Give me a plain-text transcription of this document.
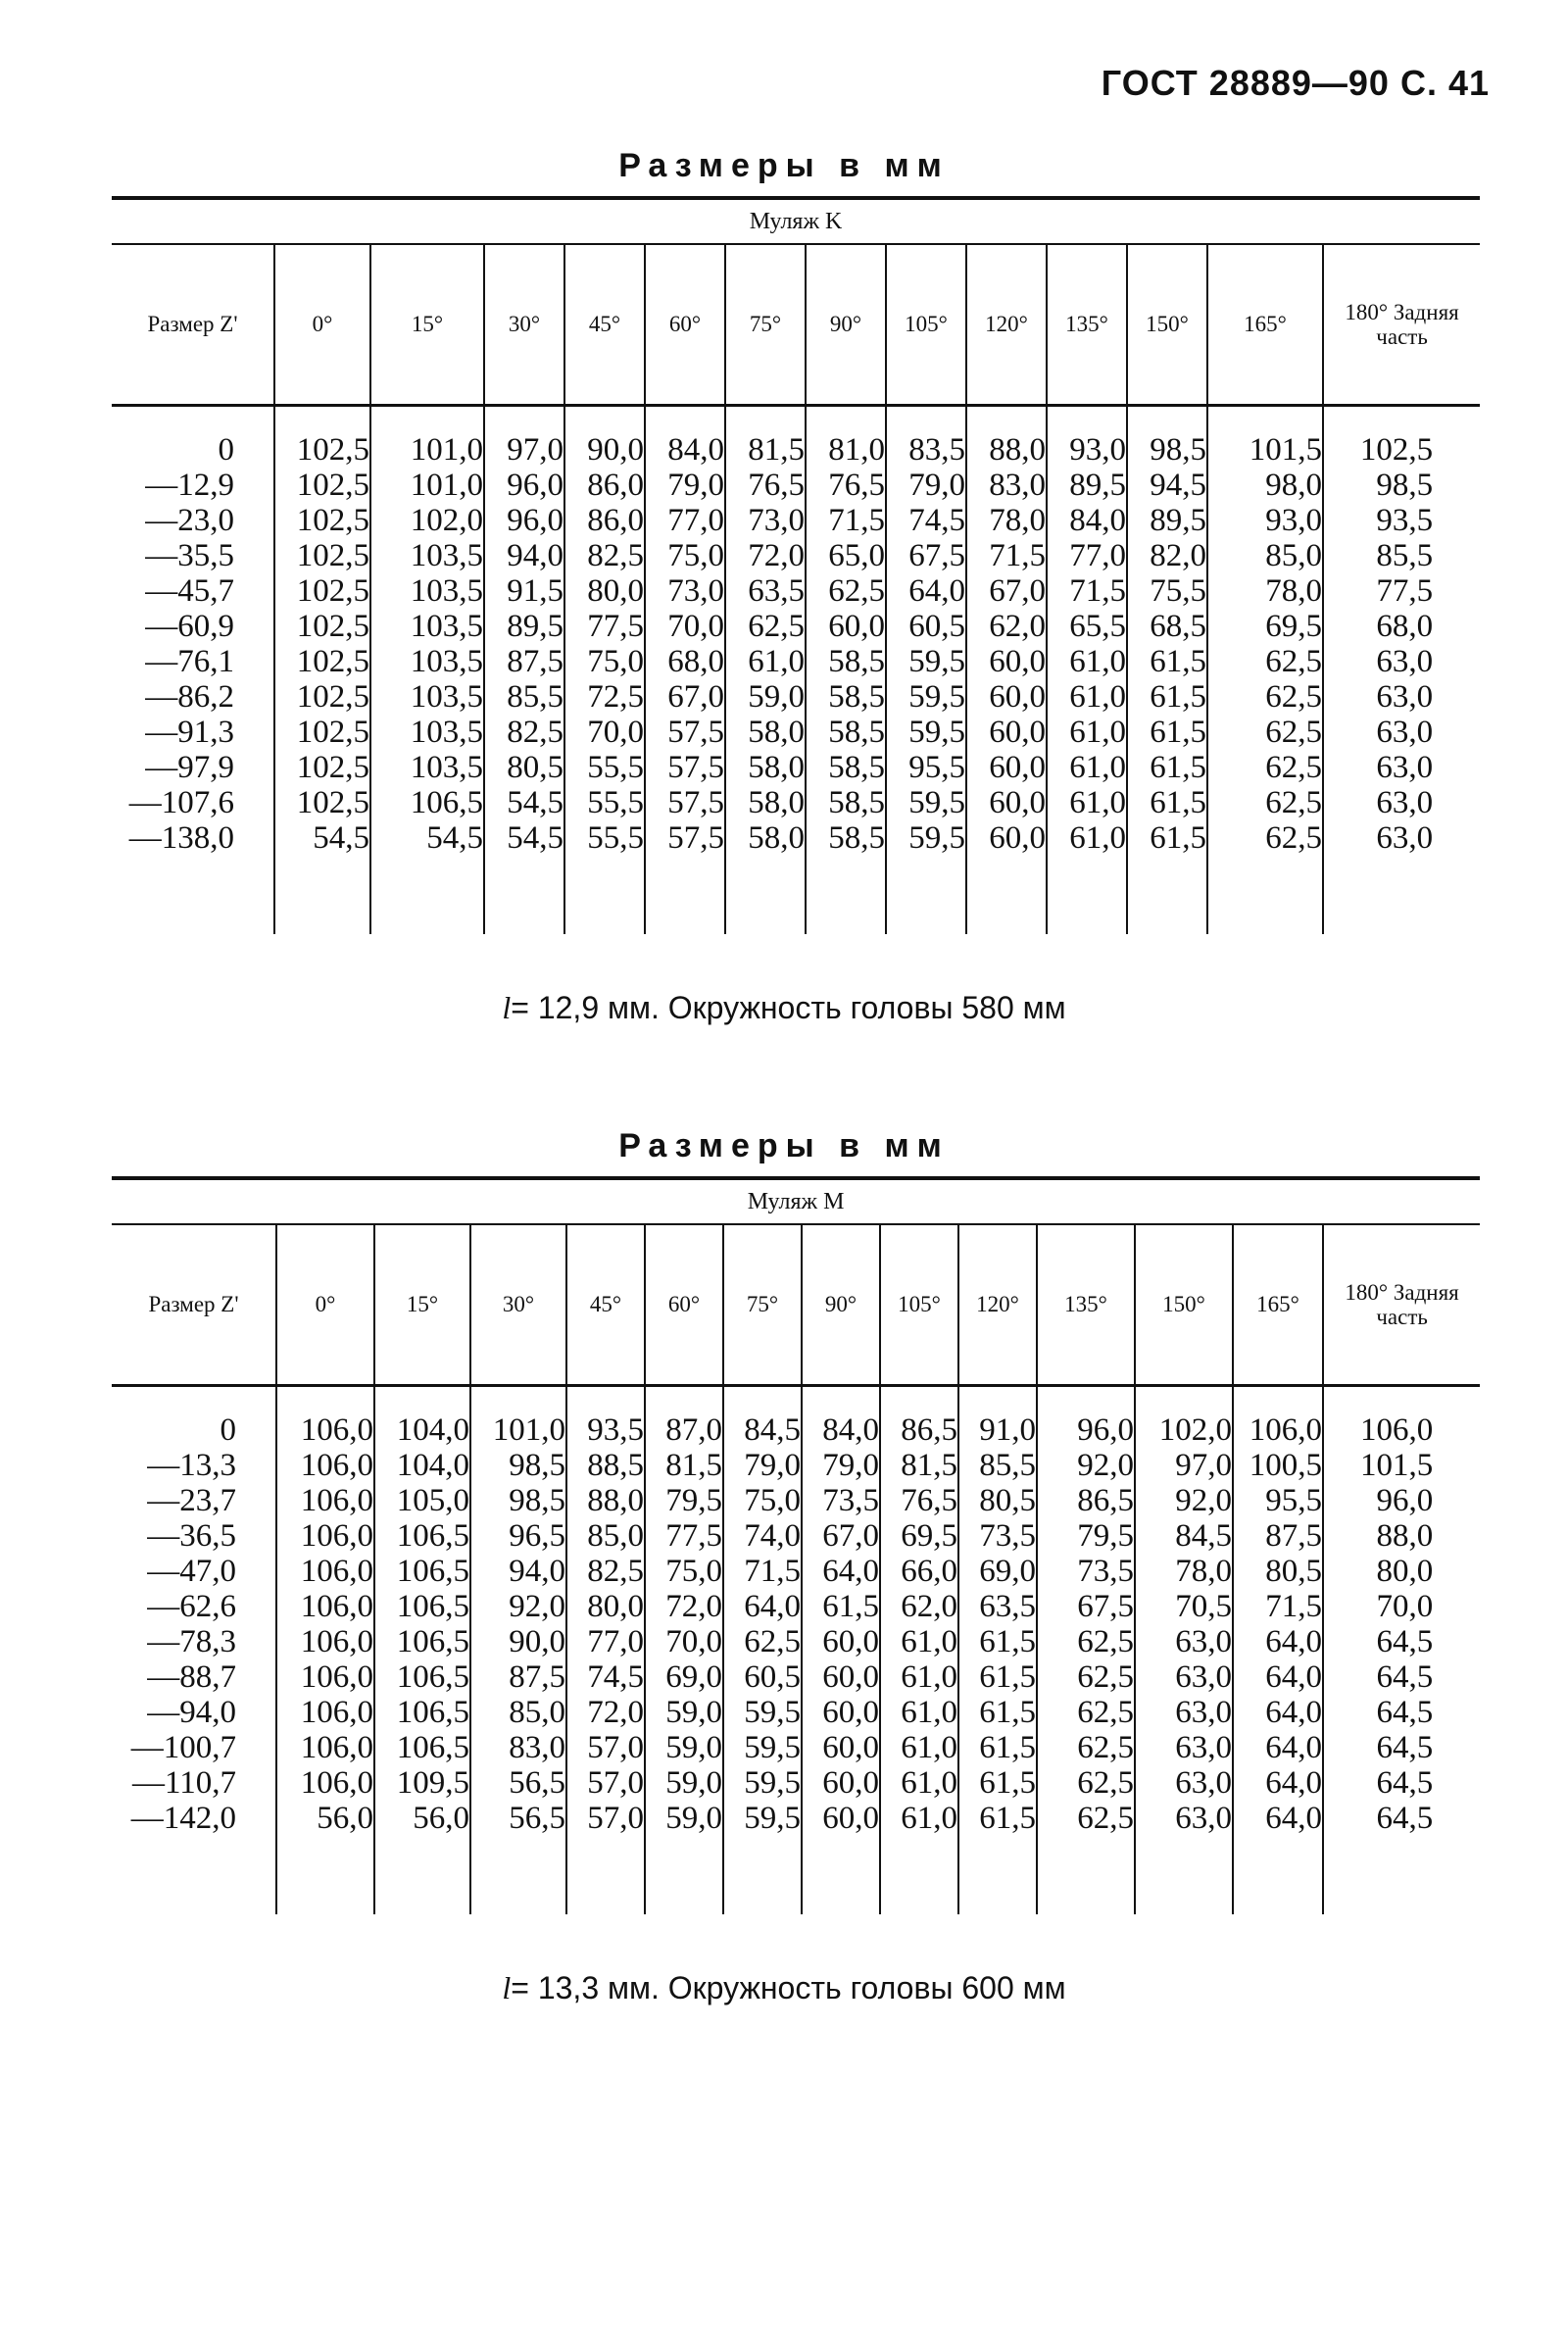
ГОСТ 28889—90 С. 41
Размеры в мм
Муляж K													
Размер Z'	0°	15°	30°	45°	60°	75°	90°	105°	120°	135°	150°	165°	180° Задняя часть

0	102,5	101,0	97,0	90,0	84,0	81,5	81,0	83,5	88,0	93,0	98,5	101,5	102,5
—12,9	102,5	101,0	96,0	86,0	79,0	76,5	76,5	79,0	83,0	89,5	94,5	98,0	98,5
—23,0	102,5	102,0	96,0	86,0	77,0	73,0	71,5	74,5	78,0	84,0	89,5	93,0	93,5
—35,5	102,5	103,5	94,0	82,5	75,0	72,0	65,0	67,5	71,5	77,0	82,0	85,0	85,5
—45,7	102,5	103,5	91,5	80,0	73,0	63,5	62,5	64,0	67,0	71,5	75,5	78,0	77,5
—60,9	102,5	103,5	89,5	77,5	70,0	62,5	60,0	60,5	62,0	65,5	68,5	69,5	68,0
—76,1	102,5	103,5	87,5	75,0	68,0	61,0	58,5	59,5	60,0	61,0	61,5	62,5	63,0
—86,2	102,5	103,5	85,5	72,5	67,0	59,0	58,5	59,5	60,0	61,0	61,5	62,5	63,0
—91,3	102,5	103,5	82,5	70,0	57,5	58,0	58,5	59,5	60,0	61,0	61,5	62,5	63,0
—97,9	102,5	103,5	80,5	55,5	57,5	58,0	58,5	95,5	60,0	61,0	61,5	62,5	63,0
—107,6	102,5	106,5	54,5	55,5	57,5	58,0	58,5	59,5	60,0	61,0	61,5	62,5	63,0
—138,0	54,5	54,5	54,5	55,5	57,5	58,0	58,5	59,5	60,0	61,0	61,5	62,5	63,0

l= 12,9 мм. Окружность головы 580 мм
Размеры в мм
Муляж M													
Размер Z'	0°	15°	30°	45°	60°	75°	90°	105°	120°	135°	150°	165°	180° Задняя часть

0	106,0	104,0	101,0	93,5	87,0	84,5	84,0	86,5	91,0	96,0	102,0	106,0	106,0
—13,3	106,0	104,0	98,5	88,5	81,5	79,0	79,0	81,5	85,5	92,0	97,0	100,5	101,5
—23,7	106,0	105,0	98,5	88,0	79,5	75,0	73,5	76,5	80,5	86,5	92,0	95,5	96,0
—36,5	106,0	106,5	96,5	85,0	77,5	74,0	67,0	69,5	73,5	79,5	84,5	87,5	88,0
—47,0	106,0	106,5	94,0	82,5	75,0	71,5	64,0	66,0	69,0	73,5	78,0	80,5	80,0
—62,6	106,0	106,5	92,0	80,0	72,0	64,0	61,5	62,0	63,5	67,5	70,5	71,5	70,0
—78,3	106,0	106,5	90,0	77,0	70,0	62,5	60,0	61,0	61,5	62,5	63,0	64,0	64,5
—88,7	106,0	106,5	87,5	74,5	69,0	60,5	60,0	61,0	61,5	62,5	63,0	64,0	64,5
—94,0	106,0	106,5	85,0	72,0	59,0	59,5	60,0	61,0	61,5	62,5	63,0	64,0	64,5
—100,7	106,0	106,5	83,0	57,0	59,0	59,5	60,0	61,0	61,5	62,5	63,0	64,0	64,5
—110,7	106,0	109,5	56,5	57,0	59,0	59,5	60,0	61,0	61,5	62,5	63,0	64,0	64,5
—142,0	56,0	56,0	56,5	57,0	59,0	59,5	60,0	61,0	61,5	62,5	63,0	64,0	64,5

l= 13,3 мм. Окружность головы 600 мм
